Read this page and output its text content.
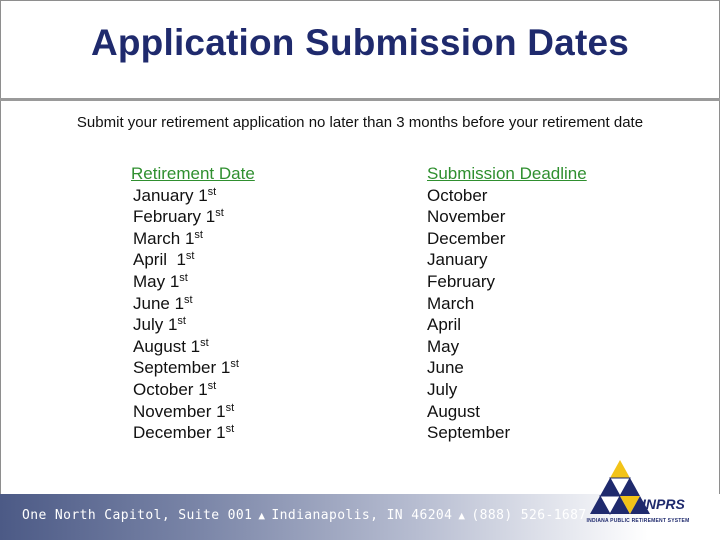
Application Submission Dates
Submit your retirement application no later than 3 months before your retirement date
Retirement Date
January 1st
February 1st
March 1st
April  1st
May 1st
June 1st
July 1st
August 1st
September 1st
October 1st
November 1st
December 1st
Submission Deadline
October
November
December
January
February
March
April
May
June
July
August
September
One North Capitol, Suite 001 ▲ Indianapolis, IN 46204 ▲ (888) 526-1687
INPRS
INDIANA PUBLIC RETIREMENT SYSTEM
